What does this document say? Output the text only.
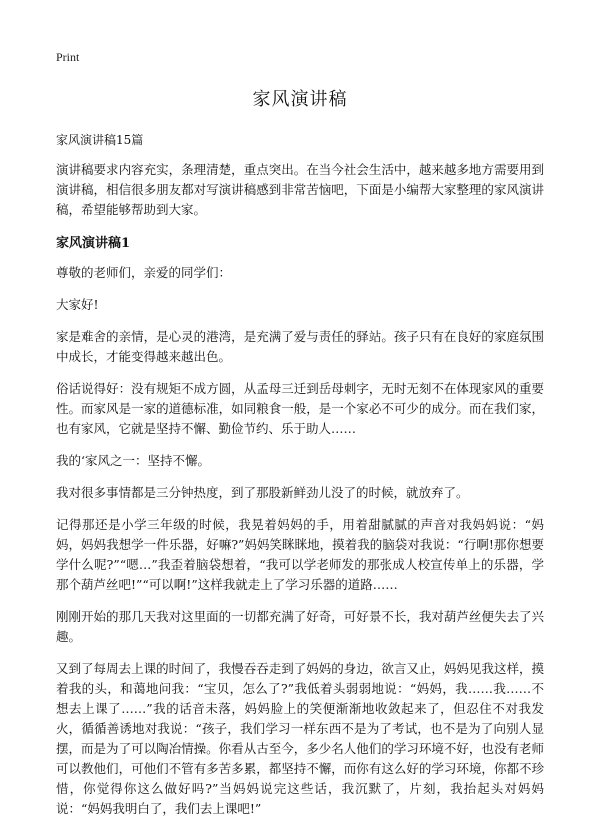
Print
家风演讲稿
家风演讲稿15篇

演讲稿要求内容充实，条理清楚，重点突出。在当今社会生活中，越来越多地方需要用到演讲稿，相信很多朋友都对写演讲稿感到非常苦恼吧，下面是小编帮大家整理的家风演讲稿，希望能够帮助到大家。

家风演讲稿1

尊敬的老师们，亲爱的同学们：

大家好!

家是难舍的亲情，是心灵的港湾，是充满了爱与责任的驿站。孩子只有在良好的家庭氛围中成长，才能变得越来越出色。

俗话说得好：没有规矩不成方圆，从孟母三迁到岳母刺字，无时无刻不在体现家风的重要性。而家风是一家的道德标准，如同粮食一般，是一个家必不可少的成分。而在我们家，也有家风，它就是坚持不懈、勤俭节约、乐于助人……

我的‘家风之一：坚持不懈。

我对很多事情都是三分钟热度，到了那股新鲜劲儿没了的时候，就放弃了。

记得那还是小学三年级的时候，我晃着妈妈的手，用着甜腻腻的声音对我妈妈说：“妈妈，妈妈我想学一件乐器，好嘛?”妈妈笑眯眯地，摸着我的脑袋对我说：“行啊!那你想要学什么呢?”“嗯…”我歪着脑袋想着，“我可以学老师发的那张成人校宣传单上的乐器，学那个葫芦丝吧!”“可以啊!”这样我就走上了学习乐器的道路……

刚刚开始的那几天我对这里面的一切都充满了好奇，可好景不长，我对葫芦丝便失去了兴趣。

又到了每周去上课的时间了，我慢吞吞走到了妈妈的身边，欲言又止，妈妈见我这样，摸着我的头，和蔼地问我：“宝贝，怎么了?”我低着头弱弱地说：“妈妈，我……我……不想去上课了……”我的话音未落，妈妈脸上的笑便渐渐地收敛起来了，但忍住不对我发火，循循善诱地对我说：“孩子，我们学习一样东西不是为了考试，也不是为了向别人显摆，而是为了可以陶冶情操。你看从古至今，多少名人他们的学习环境不好，也没有老师可以教他们，可他们不管有多苦多累，都坚持不懈，而你有这么好的学习环境，你都不珍惜，你觉得你这么做好吗?”当妈妈说完这些话，我沉默了，片刻，我抬起头对妈妈说：“妈妈我明白了，我们去上课吧!”
